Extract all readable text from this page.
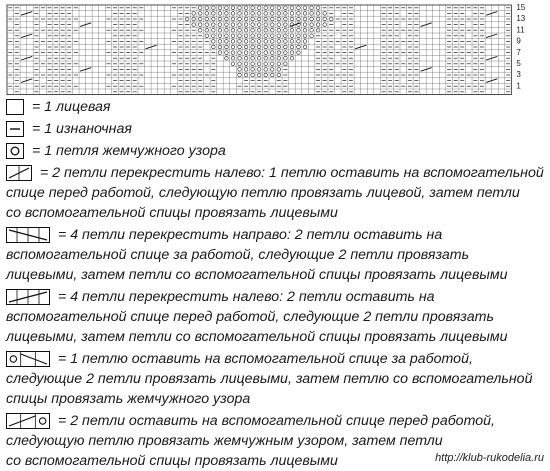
15
13
11
9
7
5
3
1
= 1 лицевая
= 1 изнаночная
= 1 петля жемчужного узора
= 2 петли перекрестить налево: 1 петлю оставить на вспомогательной
спице перед работой, следующую петлю провязать лицевой, затем петли
со вспомогательной спицы провязать лицевыми
= 4 петли перекрестить направо: 2 петли оставить на
вспомогательной спице за работой, следующие 2 петли провязать
лицевыми, затем петли со вспомогательной спицы провязать лицевыми
= 4 петли перекрестить налево: 2 петли оставить на
вспомогательной спице перед работой, следующие 2 петли провязать
лицевыми, затем петли со вспомогательной спицы провязать лицевыми
= 1 петлю оставить на вспомогательной спице за работой,
следующие 2 петли провязать лицевыми, затем петлю со вспомогательной
спицы провязать жемчужного узора
= 2 петли оставить на вспомогательной спице перед работой,
следующую петлю провязать жемчужным узором, затем петли
со вспомогательной спицы провязать лицевыми	http://klub-rukodelia.ru
